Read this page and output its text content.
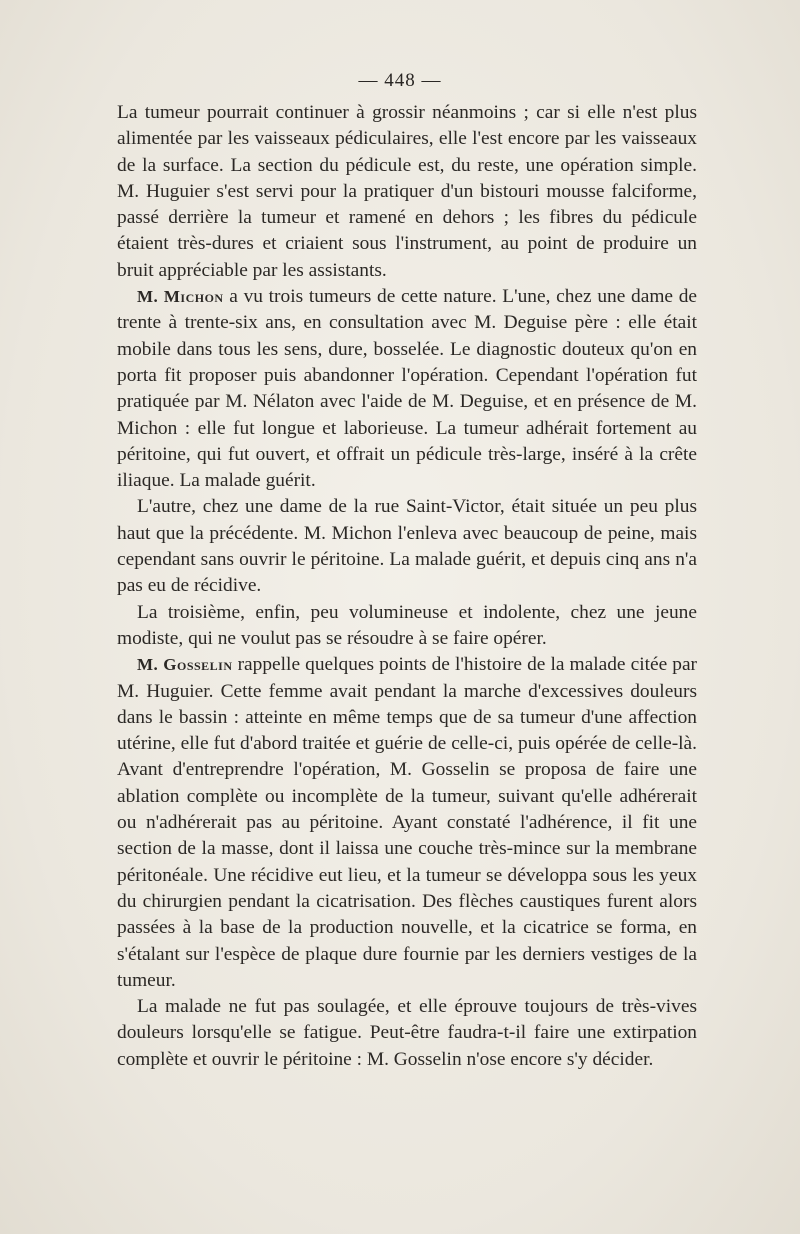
— 448 —

La tumeur pourrait continuer à grossir néanmoins ; car si elle n'est plus alimentée par les vaisseaux pédiculaires, elle l'est encore par les vaisseaux de la surface. La section du pédicule est, du reste, une opération simple. M. Huguier s'est servi pour la pratiquer d'un bistouri mousse falciforme, passé derrière la tumeur et ramené en dehors ; les fibres du pédicule étaient très-dures et criaient sous l'instrument, au point de produire un bruit appréciable par les assistants.

M. Michon a vu trois tumeurs de cette nature. L'une, chez une dame de trente à trente-six ans, en consultation avec M. Deguise père : elle était mobile dans tous les sens, dure, bosselée. Le diagnostic douteux qu'on en porta fit proposer puis abandonner l'opération. Cependant l'opération fut pratiquée par M. Nélaton avec l'aide de M. Deguise, et en présence de M. Michon : elle fut longue et laborieuse. La tumeur adhérait fortement au péritoine, qui fut ouvert, et offrait un pédicule très-large, inséré à la crête iliaque. La malade guérit.

L'autre, chez une dame de la rue Saint-Victor, était située un peu plus haut que la précédente. M. Michon l'enleva avec beaucoup de peine, mais cependant sans ouvrir le péritoine. La malade guérit, et depuis cinq ans n'a pas eu de récidive.

La troisième, enfin, peu volumineuse et indolente, chez une jeune modiste, qui ne voulut pas se résoudre à se faire opérer.

M. Gosselin rappelle quelques points de l'histoire de la malade citée par M. Huguier. Cette femme avait pendant la marche d'excessives douleurs dans le bassin : atteinte en même temps que de sa tumeur d'une affection utérine, elle fut d'abord traitée et guérie de celle-ci, puis opérée de celle-là. Avant d'entreprendre l'opération, M. Gosselin se proposa de faire une ablation complète ou incomplète de la tumeur, suivant qu'elle adhérerait ou n'adhérerait pas au péritoine. Ayant constaté l'adhérence, il fit une section de la masse, dont il laissa une couche très-mince sur la membrane péritonéale. Une récidive eut lieu, et la tumeur se développa sous les yeux du chirurgien pendant la cicatrisation. Des flèches caustiques furent alors passées à la base de la production nouvelle, et la cicatrice se forma, en s'étalant sur l'espèce de plaque dure fournie par les derniers vestiges de la tumeur.

La malade ne fut pas soulagée, et elle éprouve toujours de très-vives douleurs lorsqu'elle se fatigue. Peut-être faudra-t-il faire une extirpation complète et ouvrir le péritoine : M. Gosselin n'ose encore s'y décider.
